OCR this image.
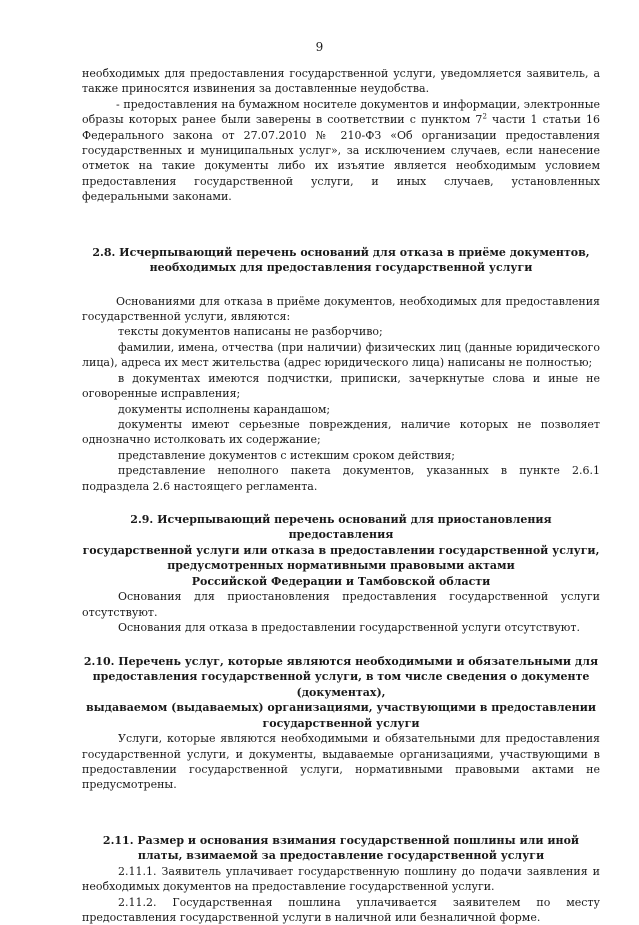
9

необходимых для предоставления государственной услуги, уведомляется заявитель, а также приносятся извинения за доставленные неудобства.

- предоставления на бумажном носителе документов и информации, электронные образы которых ранее были заверены в соответствии с пунктом $7^2$ части 1 статьи 16 Федерального закона от 27.07.2010 № 210-ФЗ «Об организации предоставления государственных и муниципальных услуг», за исключением случаев, если нанесение отметок на такие документы либо их изъятие является необходимым условием предоставления государственной услуги, и иных случаев, установленных федеральными законами.

2.8. Исчерпывающий перечень оснований для отказа в приёме документов,
необходимых для предоставления государственной услуги

Основаниями для отказа в приёме документов, необходимых для предоставления государственной услуги, являются:

тексты документов написаны не разборчиво;

фамилии, имена, отчества (при наличии) физических лиц (данные юридического лица), адреса их мест жительства (адрес юридического лица) написаны не полностью;

в документах имеются подчистки, приписки, зачеркнутые слова и иные не оговоренные исправления;

документы исполнены карандашом;

документы имеют серьезные повреждения, наличие которых не позволяет однозначно истолковать их содержание;

представление документов с истекшим сроком действия;

представление неполного пакета документов, указанных в пункте 2.6.1 подраздела 2.6 настоящего регламента.

2.9. Исчерпывающий перечень оснований для приостановления предоставления
государственной услуги или отказа в предоставлении государственной услуги,
предусмотренных нормативными правовыми актами
Российской Федерации и Тамбовской области

Основания для приостановления предоставления государственной услуги отсутствуют.

Основания для отказа в предоставлении государственной услуги отсутствуют.

2.10. Перечень услуг, которые являются необходимыми и обязательными для
предоставления государственной услуги, в том числе сведения о документе (документах),
выдаваемом (выдаваемых) организациями, участвующими в предоставлении
государственной услуги

Услуги, которые являются необходимыми и обязательными для предоставления государственной услуги, и документы, выдаваемые организациями, участвующими в предоставлении государственной услуги, нормативными правовыми актами не предусмотрены.

2.11. Размер и основания взимания государственной пошлины или иной
платы, взимаемой за предоставление государственной услуги

2.11.1. Заявитель уплачивает государственную пошлину до подачи заявления и необходимых документов на предоставление государственной услуги.

2.11.2. Государственная пошлина уплачивается заявителем по месту предоставления государственной услуги в наличной или безналичной форме.
